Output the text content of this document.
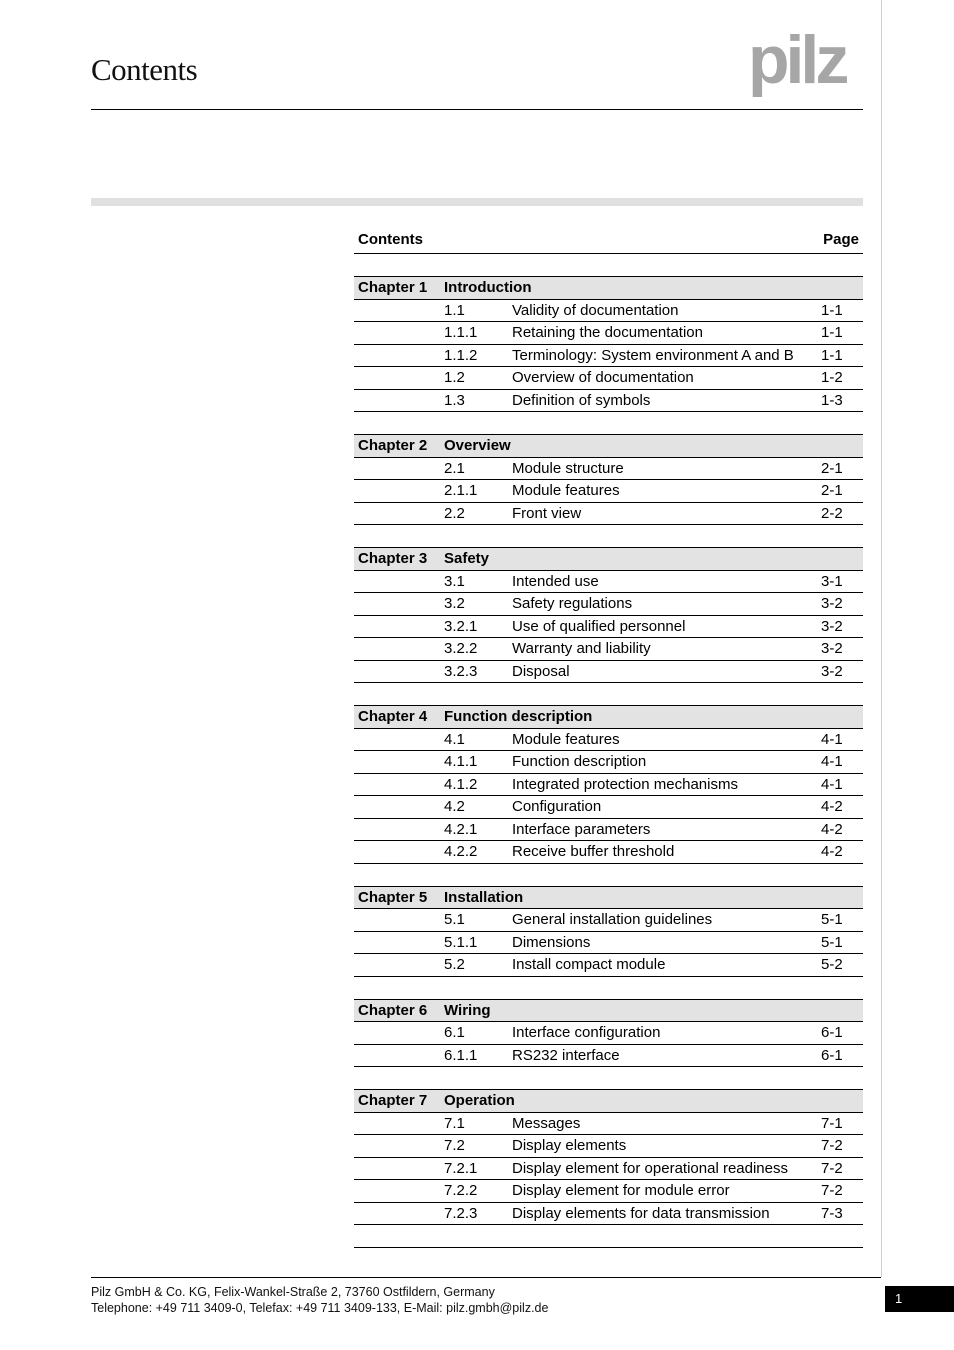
Contents	pilz
Contents	Page
Chapter 1	Introduction
1.1	Validity of documentation	1-1
1.1.1	Retaining the documentation	1-1
1.1.2	Terminology: System environment A and B	1-1
1.2	Overview of documentation	1-2
1.3	Definition of symbols	1-3
Chapter 2	Overview
2.1	Module structure	2-1
2.1.1	Module features	2-1
2.2	Front view	2-2
Chapter 3	Safety
3.1	Intended use	3-1
3.2	Safety regulations	3-2
3.2.1	Use of qualified personnel	3-2
3.2.2	Warranty and liability	3-2
3.2.3	Disposal	3-2
Chapter 4	Function description
4.1	Module features	4-1
4.1.1	Function description	4-1
4.1.2	Integrated protection mechanisms	4-1
4.2	Configuration	4-2
4.2.1	Interface parameters	4-2
4.2.2	Receive buffer threshold	4-2
Chapter 5	Installation
5.1	General installation guidelines	5-1
5.1.1	Dimensions	5-1
5.2	Install compact module	5-2
Chapter 6	Wiring
6.1	Interface configuration	6-1
6.1.1	RS232 interface	6-1
Chapter 7	Operation
7.1	Messages	7-1
7.2	Display elements	7-2
7.2.1	Display element for operational readiness	7-2
7.2.2	Display element for module error	7-2
7.2.3	Display elements for data transmission	7-3
Pilz GmbH & Co. KG, Felix-Wankel-Straße 2, 73760 Ostfildern, Germany
Telephone: +49 711 3409-0, Telefax: +49 711 3409-133, E-Mail: pilz.gmbh@pilz.de
1
